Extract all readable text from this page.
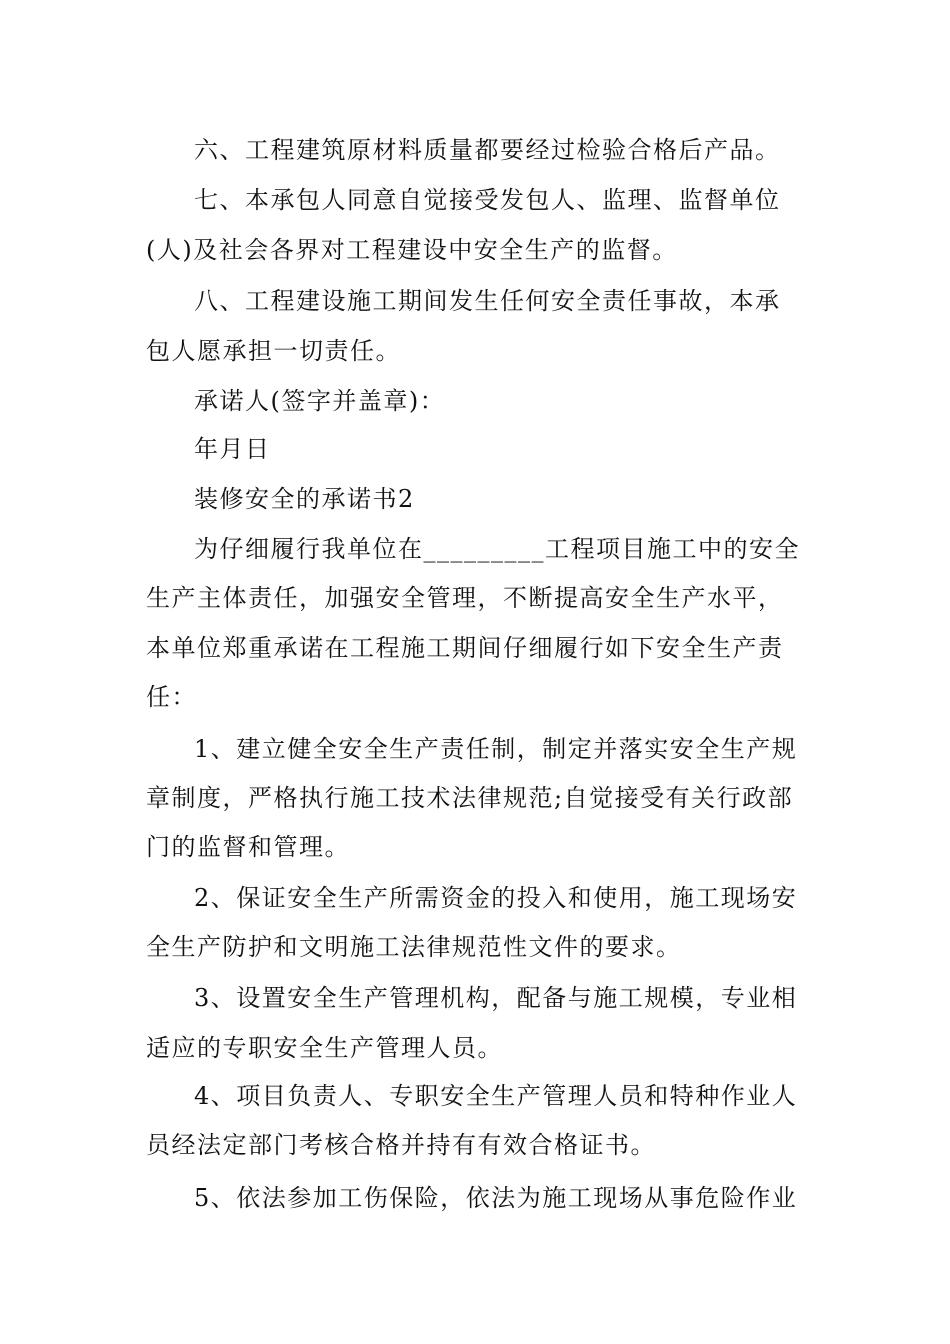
六、工程建筑原材料质量都要经过检验合格后产品。
七、本承包人同意自觉接受发包人、监理、监督单位
(人)及社会各界对工程建设中安全生产的监督。
八、工程建设施工期间发生任何安全责任事故，本承
包人愿承担一切责任。
承诺人(签字并盖章)：
年月日
装修安全的承诺书2
为仔细履行我单位在_________工程项目施工中的安全
生产主体责任，加强安全管理，不断提高安全生产水平，
本单位郑重承诺在工程施工期间仔细履行如下安全生产责
任：
1、建立健全安全生产责任制，制定并落实安全生产规
章制度，严格执行施工技术法律规范;自觉接受有关行政部
门的监督和管理。
2、保证安全生产所需资金的投入和使用，施工现场安
全生产防护和文明施工法律规范性文件的要求。
3、设置安全生产管理机构，配备与施工规模，专业相
适应的专职安全生产管理人员。
4、项目负责人、专职安全生产管理人员和特种作业人
员经法定部门考核合格并持有有效合格证书。
5、依法参加工伤保险，依法为施工现场从事危险作业
